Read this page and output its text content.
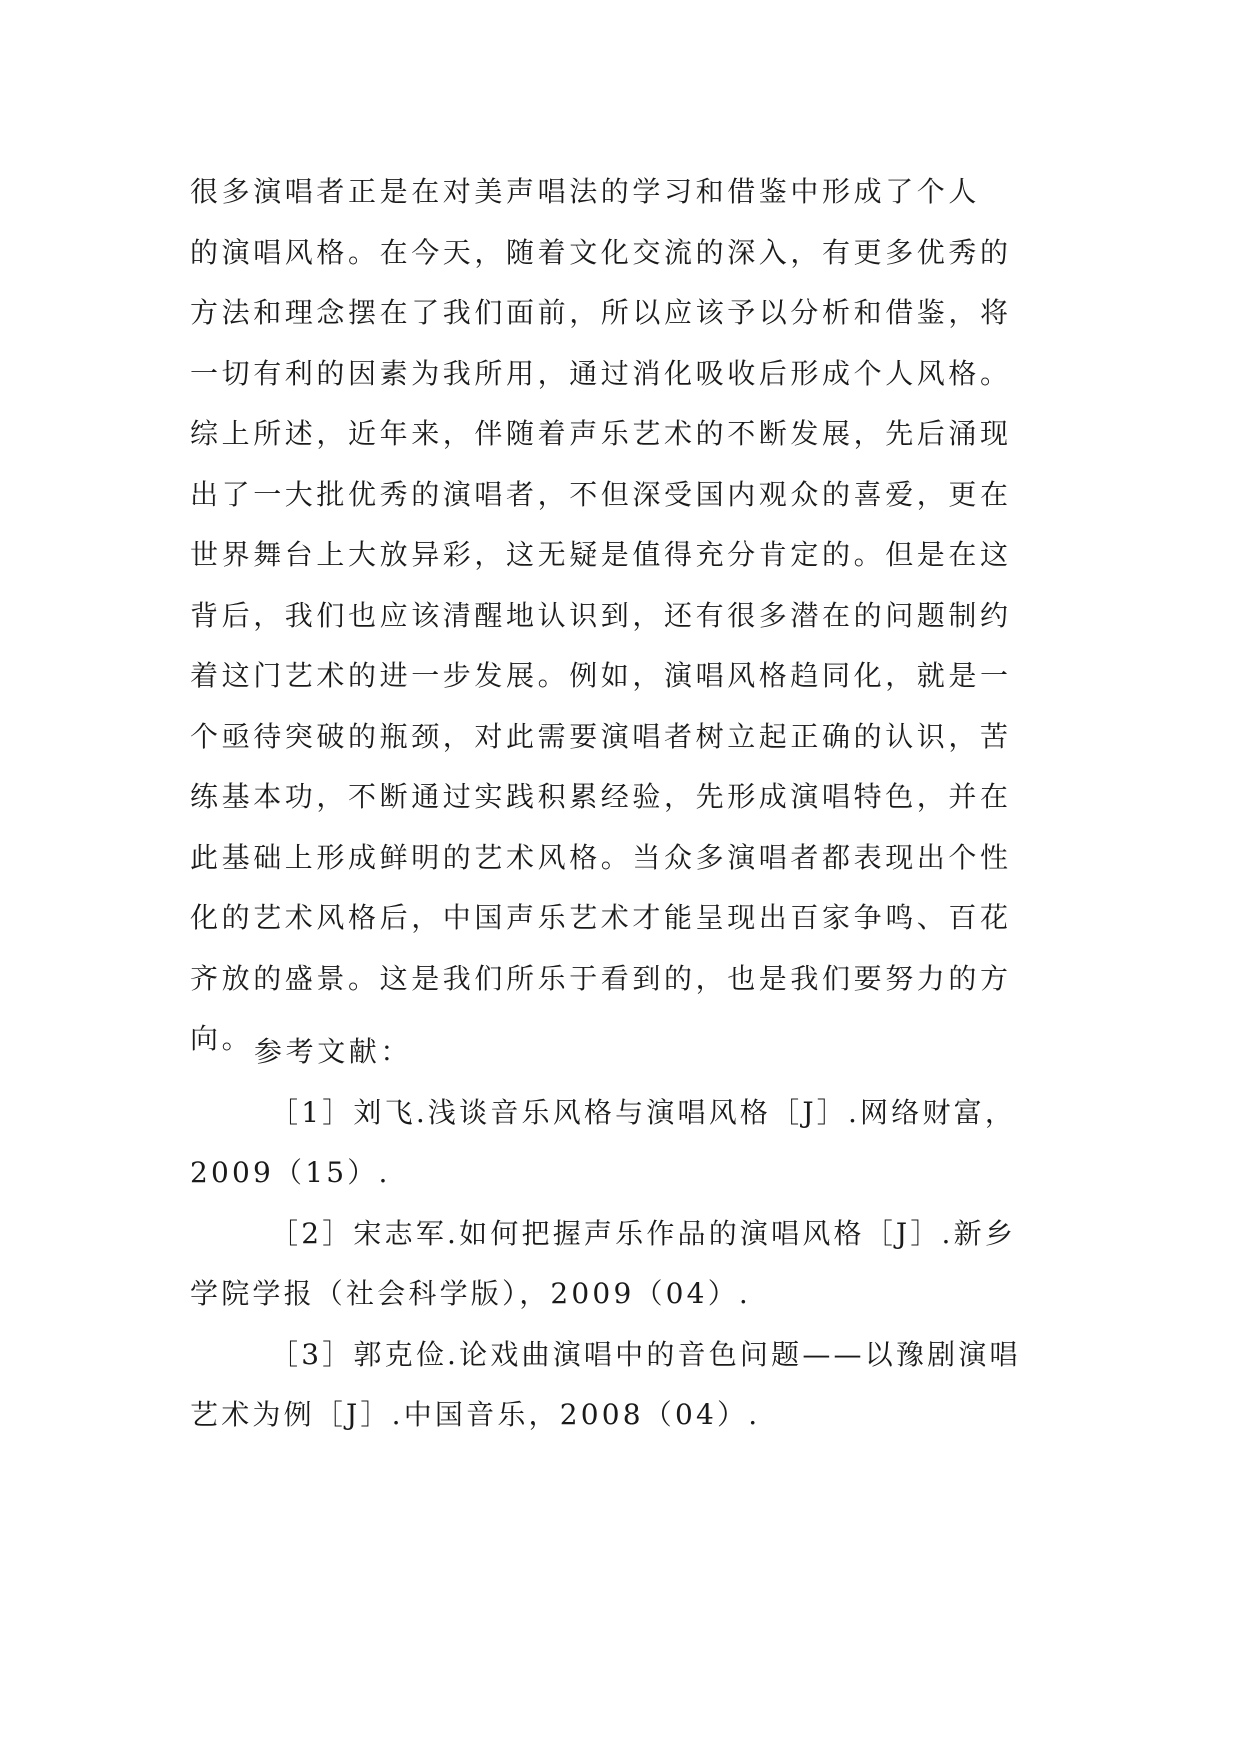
很多演唱者正是在对美声唱法的学习和借鉴中形成了个人
的演唱风格。在今天，随着文化交流的深入，有更多优秀的
方法和理念摆在了我们面前，所以应该予以分析和借鉴，将
一切有利的因素为我所用，通过消化吸收后形成个人风格。
综上所述，近年来，伴随着声乐艺术的不断发展，先后涌现
出了一大批优秀的演唱者，不但深受国内观众的喜爱，更在
世界舞台上大放异彩，这无疑是值得充分肯定的。但是在这
背后，我们也应该清醒地认识到，还有很多潜在的问题制约
着这门艺术的进一步发展。例如，演唱风格趋同化，就是一
个亟待突破的瓶颈，对此需要演唱者树立起正确的认识，苦
练基本功，不断通过实践积累经验，先形成演唱特色，并在
此基础上形成鲜明的艺术风格。当众多演唱者都表现出个性
化的艺术风格后，中国声乐艺术才能呈现出百家争鸣、百花
齐放的盛景。这是我们所乐于看到的，也是我们要努力的方
向。 参考文献：
［1］刘飞.浅谈音乐风格与演唱风格［J］.网络财富，
2009（15）.
［2］宋志军.如何把握声乐作品的演唱风格［J］.新乡
学院学报（社会科学版），2009（04）.
［3］郭克俭.论戏曲演唱中的音色问题——以豫剧演唱
艺术为例［J］.中国音乐，2008（04）.
